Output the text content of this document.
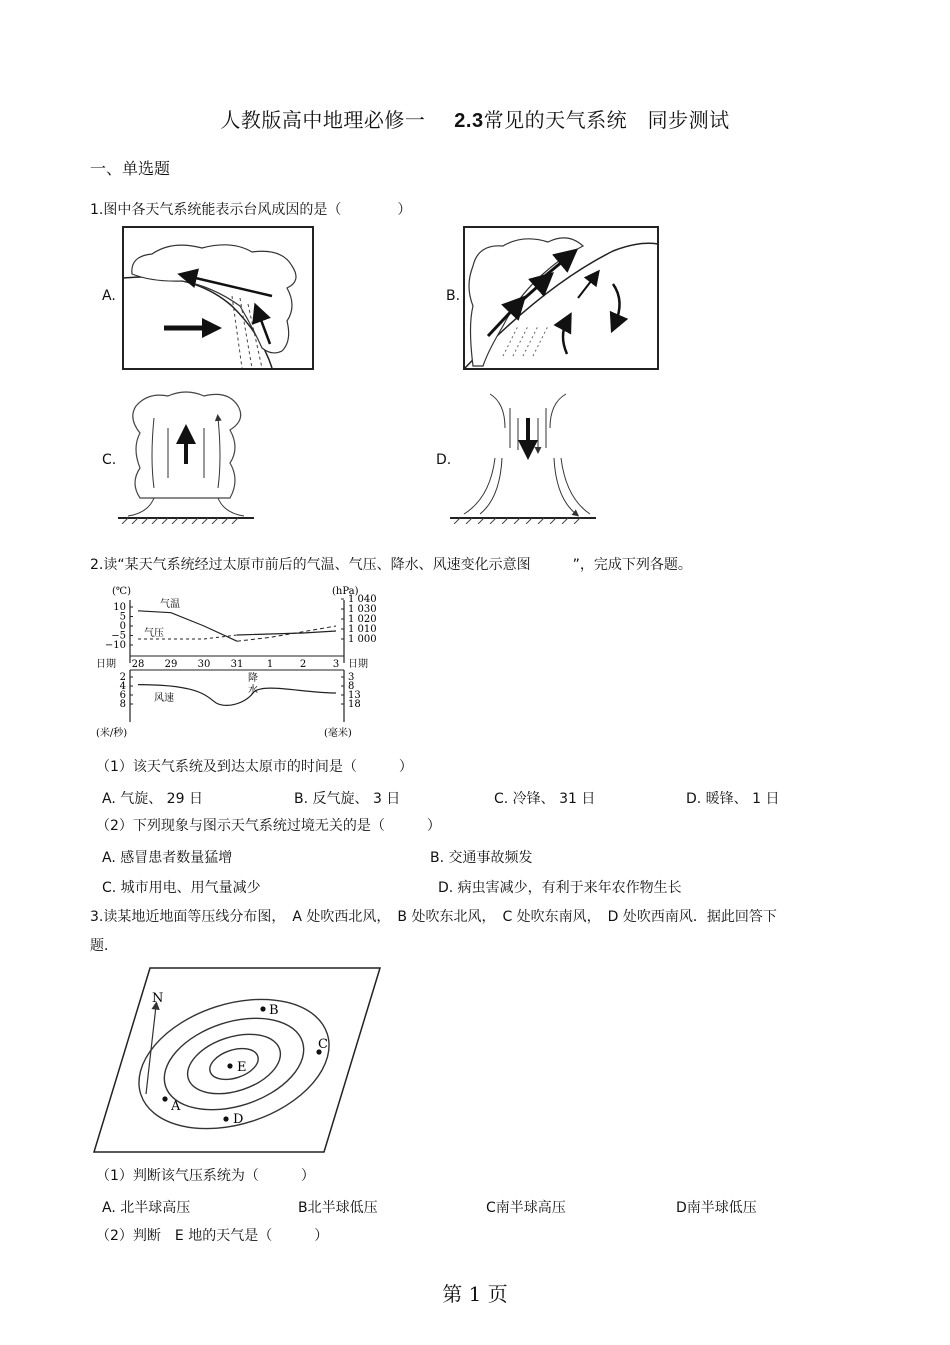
人教版高中地理必修一 2.3常见的天气系统　同步测试
一、单选题
1.图中各天气系统能表示台风成因的是（　　　　）
A.	B.
C.	D.
2.读“某天气系统经过太原市前后的气温、气压、降水、风速变化示意图　　　”，完成下列各题。
(℃)	(hPa)
(米/秒)	(毫米)
10
5
0
−5
−10
1 040
1 030
1 020
1 010
1 000
日期	日期
28 29 30 31 1	2	3
气温
气压
2
4
6
8
3
8
13
18
风速
降
水
（1）该天气系统及到达太原市的时间是（　　　）
A. 气旋、 29 日	B. 反气旋、 3 日	C. 冷锋、 31 日	D. 暖锋、 1 日
（2）下列现象与图示天气系统过境无关的是（　　　）
A. 感冒患者数量猛增	B. 交通事故频发
C. 城市用电、用气量减少	D. 病虫害减少，有利于来年农作物生长
3.读某地近地面等压线分布图，　A 处吹西北风，　B 处吹东北风，　C 处吹东南风，　D 处吹西南风．据此回答下
题．
N
A
B
C
D
E
（1）判断该气压系统为（　　　）
A. 北半球高压	B北半球低压	C南半球高压	D南半球低压
（2）判断　E 地的天气是（　　　）
第 1 页
